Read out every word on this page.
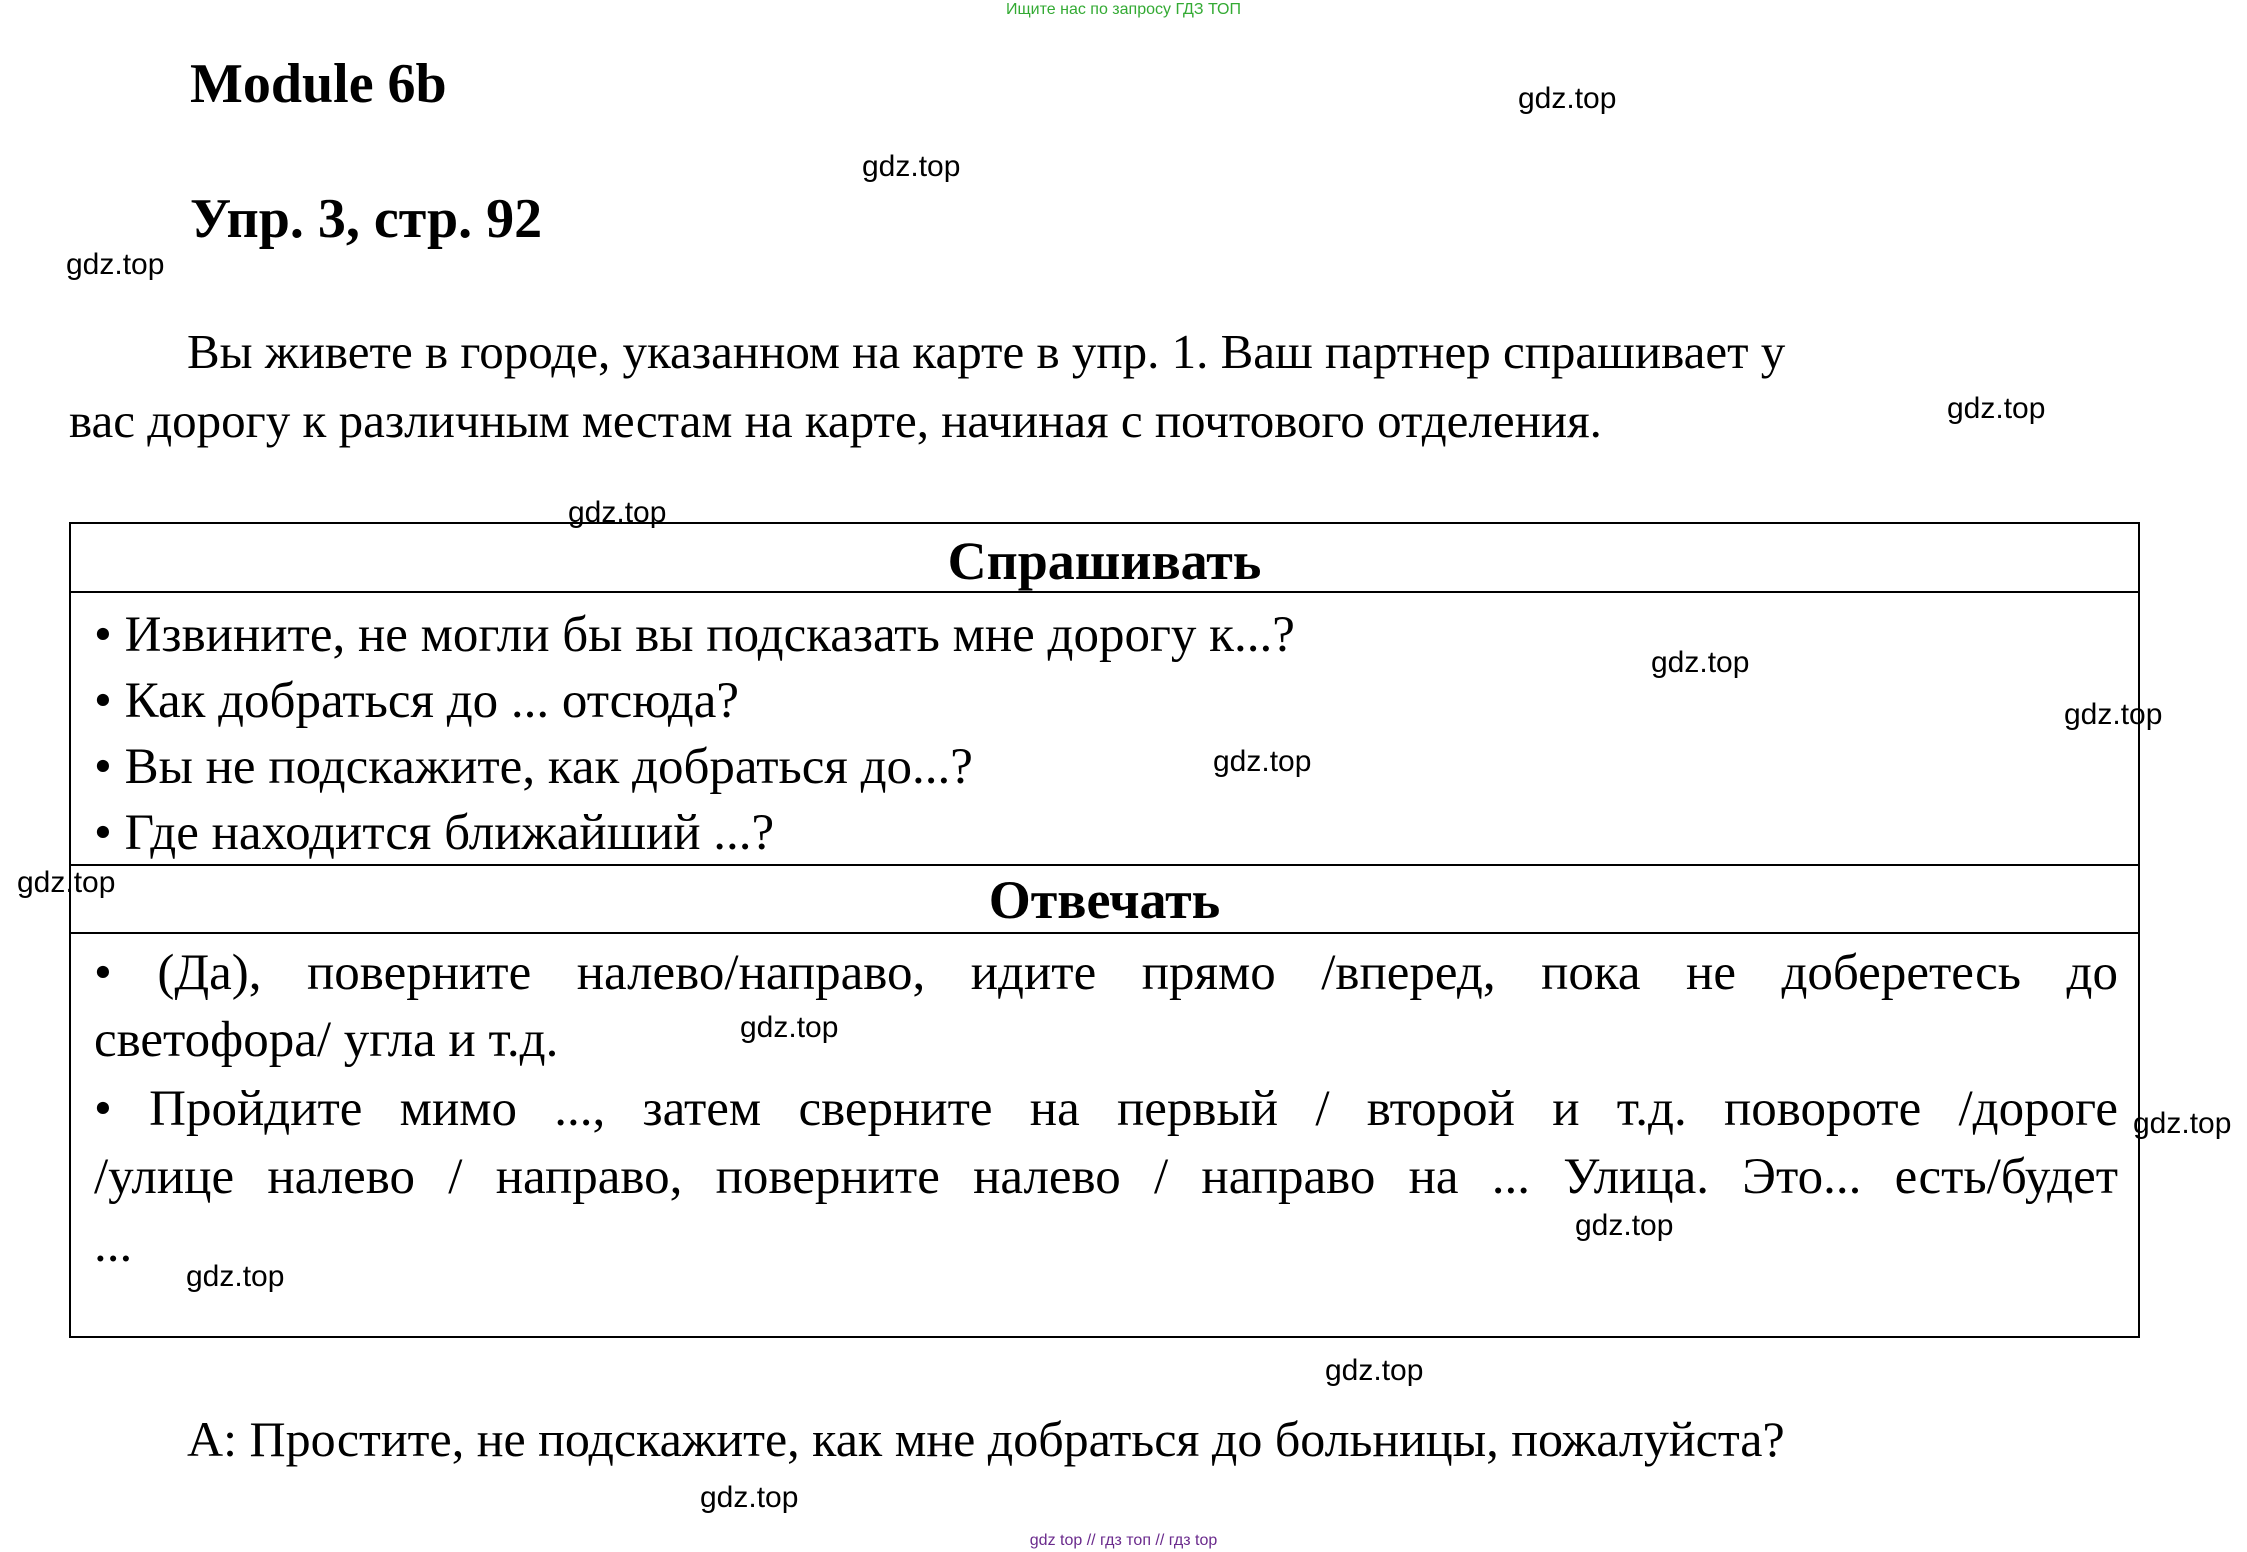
Ищите нас по запросу ГДЗ ТОП
Module 6b
Упр. 3, стр. 92
Вы живете в городе, указанном на карте в упр. 1. Ваш партнер спрашивает у
вас дорогу к различным местам на карте, начиная с почтового отделения.
Спрашивать
• Извините, не могли бы вы подсказать мне дорогу к...?
• Как добраться до ... отсюда?
• Вы не подскажите, как добраться до...?
• Где находится ближайший ...?
Отвечать
• (Да), поверните налево/направо, идите прямо /вперед, пока не доберетесь до
светофора/ угла и т.д.
• Пройдите мимо ..., затем сверните на первый / второй и т.д. повороте /дороге
/улице налево / направо, поверните налево / направо на ... Улица. Это... есть/будет
...
A: Простите, не подскажите, как мне добраться до больницы, пожалуйста?
gdz.top
gdz.top
gdz.top
gdz.top
gdz.top
gdz.top
gdz.top
gdz.top
gdz.top
gdz.top
gdz.top
gdz.top
gdz.top
gdz.top
gdz.top
gdz top // гдз топ // гдз top
